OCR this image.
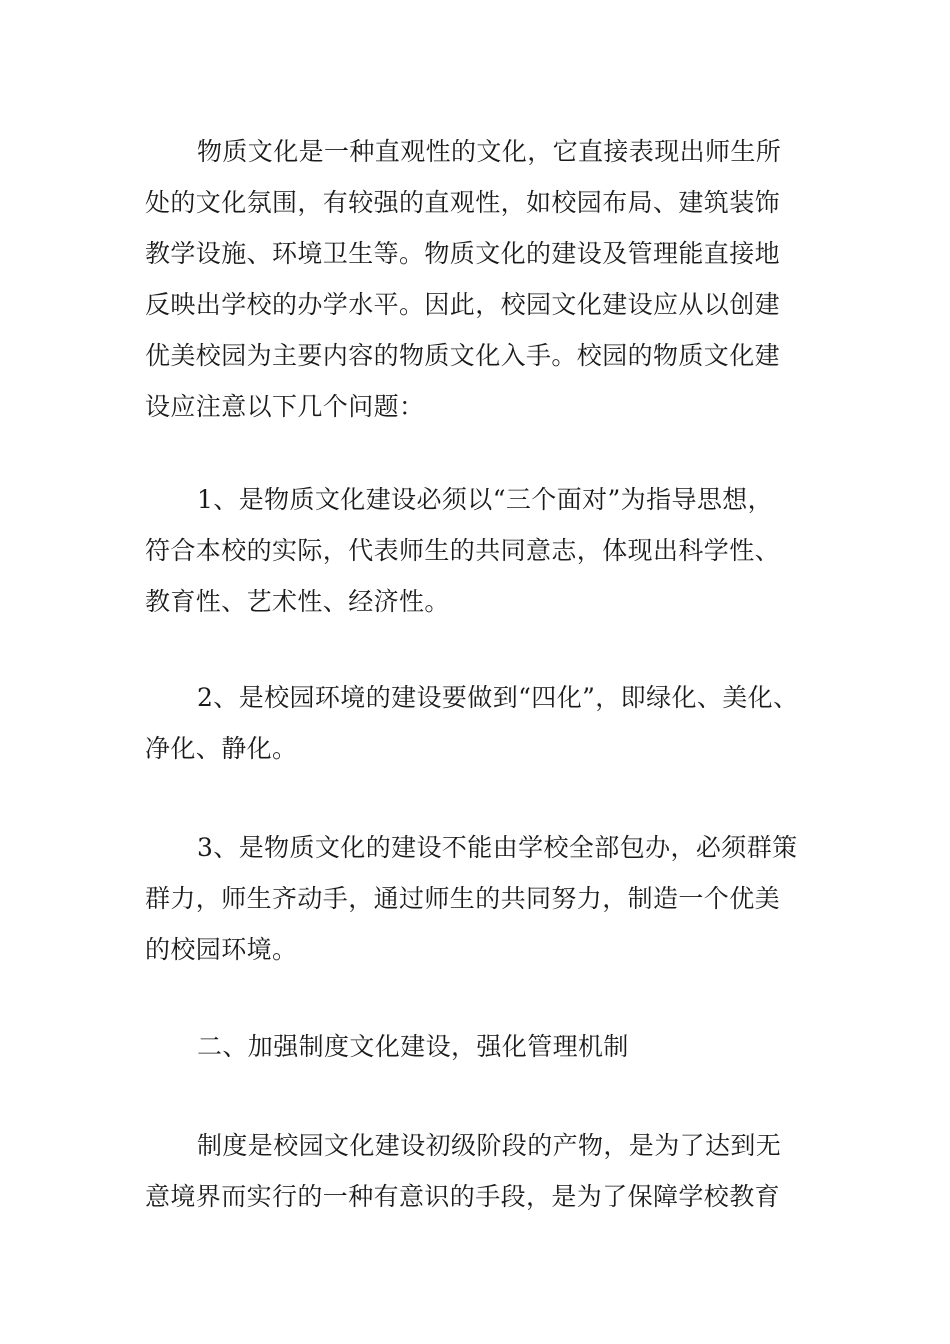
物质文化是一种直观性的文化，它直接表现出师生所
处的文化氛围，有较强的直观性，如校园布局、建筑装饰
教学设施、环境卫生等。物质文化的建设及管理能直接地
反映出学校的办学水平。因此，校园文化建设应从以创建
优美校园为主要内容的物质文化入手。校园的物质文化建
设应注意以下几个问题：

1、是物质文化建设必须以“三个面对”为指导思想，
符合本校的实际，代表师生的共同意志，体现出科学性、
教育性、艺术性、经济性。

2、是校园环境的建设要做到“四化”，即绿化、美化、
净化、静化。

3、是物质文化的建设不能由学校全部包办，必须群策
群力，师生齐动手，通过师生的共同努力，制造一个优美
的校园环境。

二、加强制度文化建设，强化管理机制

制度是校园文化建设初级阶段的产物，是为了达到无
意境界而实行的一种有意识的手段，是为了保障学校教育
